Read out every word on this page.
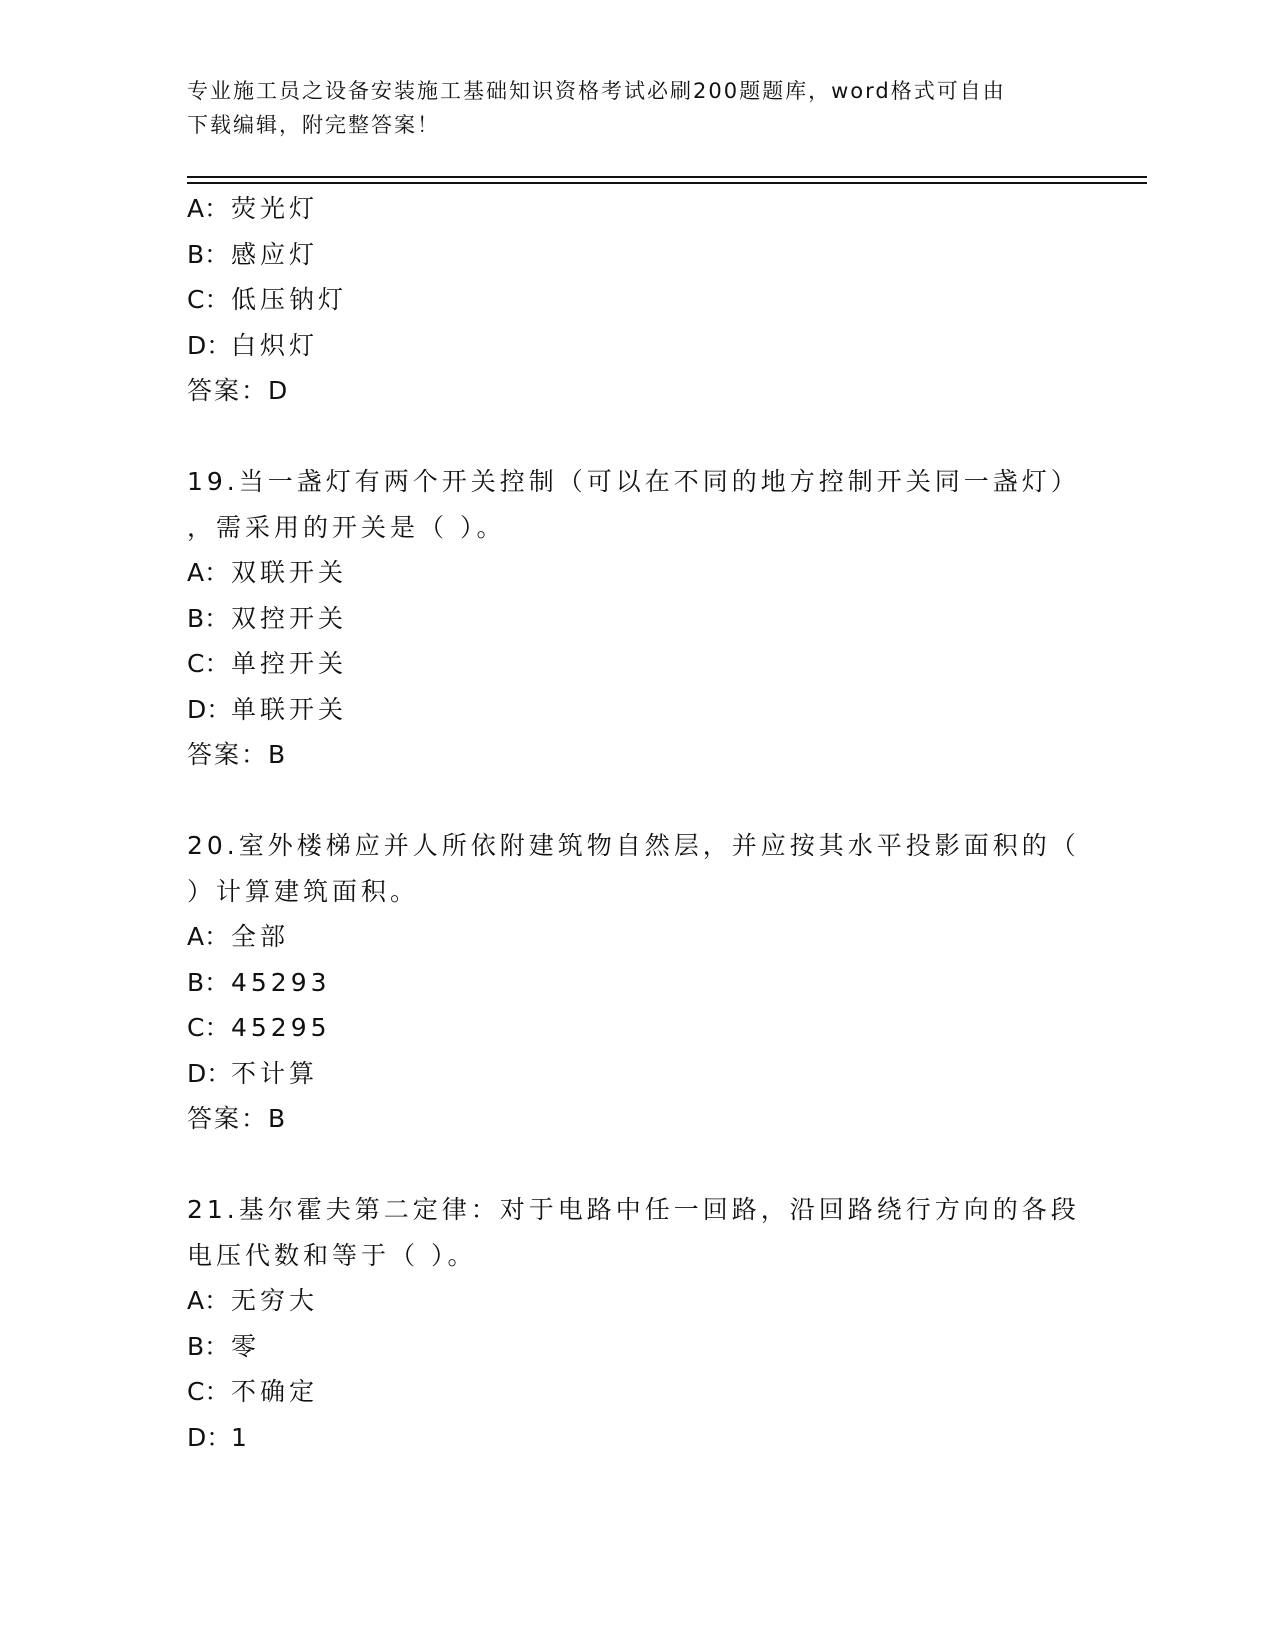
专业施工员之设备安装施工基础知识资格考试必刷200题题库，word格式可自由
下载编辑，附完整答案！
A：荧光灯
B：感应灯
C：低压钠灯
D：白炽灯
答案：D
19.当一盏灯有两个开关控制（可以在不同的地方控制开关同一盏灯）
，需采用的开关是（ ）。
A：双联开关
B：双控开关
C：单控开关
D：单联开关
答案：B
20.室外楼梯应并人所依附建筑物自然层，并应按其水平投影面积的（
）计算建筑面积。
A：全部
B：45293
C：45295
D：不计算
答案：B
21.基尔霍夫第二定律：对于电路中任一回路，沿回路绕行方向的各段
电压代数和等于（ ）。
A：无穷大
B：零
C：不确定
D：1
